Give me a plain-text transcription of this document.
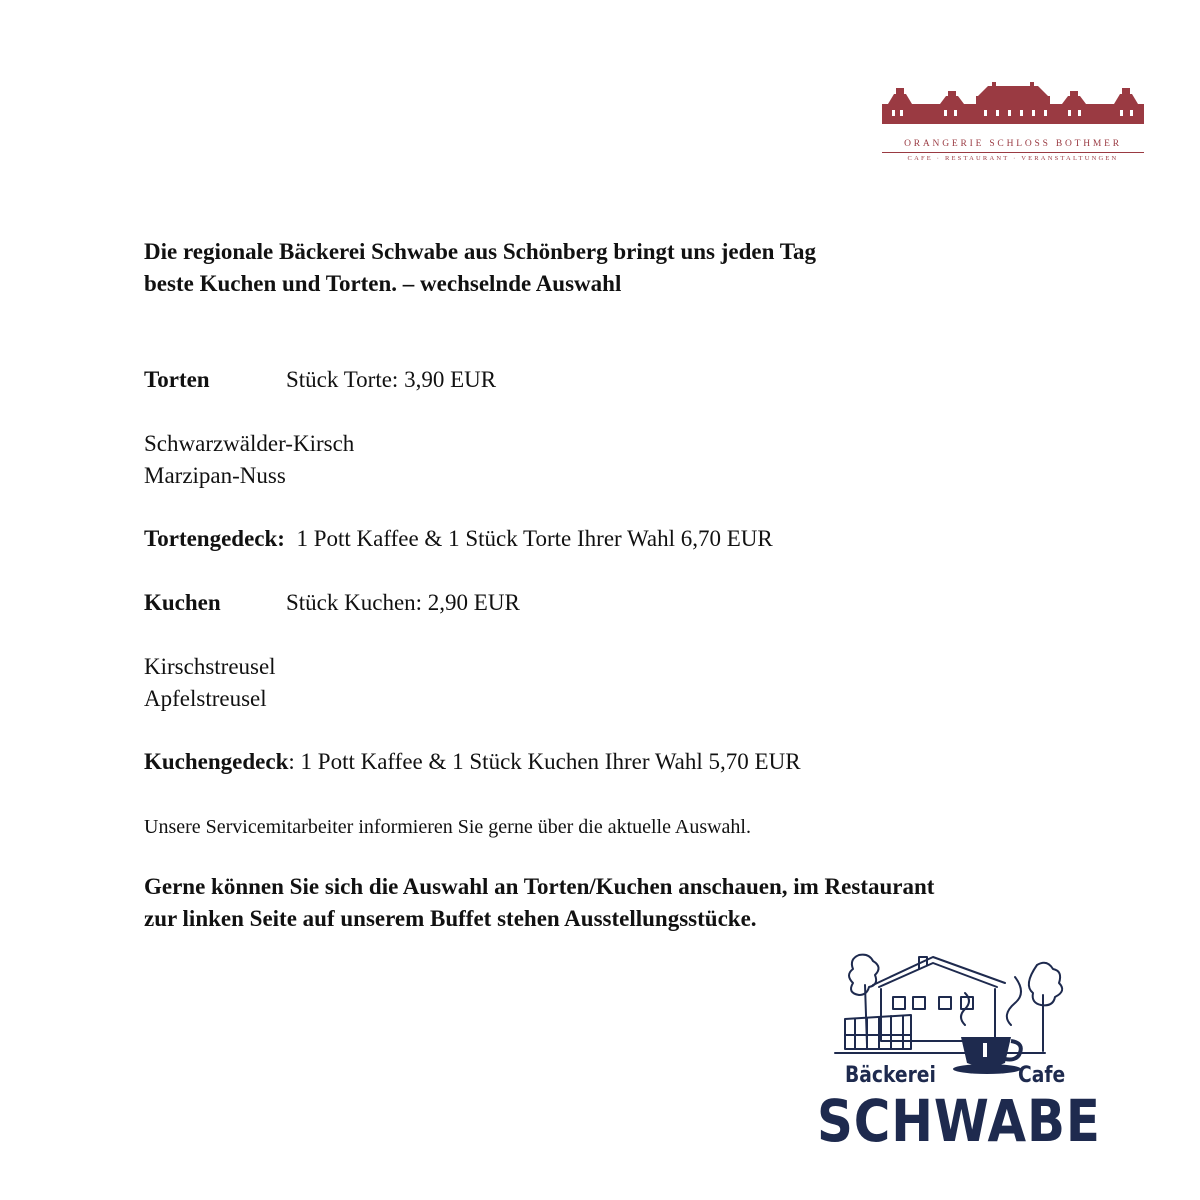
ORANGERIE SCHLOSS BOTHMER
CAFE · RESTAURANT · VERANSTALTUNGEN
Die regionale Bäckerei Schwabe aus Schönberg bringt uns jeden Tag
beste Kuchen und Torten. – wechselnde Auswahl
Torten	Stück Torte: 3,90 EUR
Schwarzwälder-Kirsch
Marzipan-Nuss
Tortengedeck: 1 Pott Kaffee & 1 Stück Torte Ihrer Wahl 6,70 EUR
Kuchen	Stück Kuchen: 2,90 EUR
Kirschstreusel
Apfelstreusel
Kuchengedeck: 1 Pott Kaffee & 1 Stück Kuchen Ihrer Wahl 5,70 EUR
Unsere Servicemitarbeiter informieren Sie gerne über die aktuelle Auswahl.
Gerne können Sie sich die Auswahl an Torten/Kuchen anschauen, im Restaurant
zur linken Seite auf unserem Buffet stehen Ausstellungsstücke.
Bäckerei	Cafe
SCHWABE
